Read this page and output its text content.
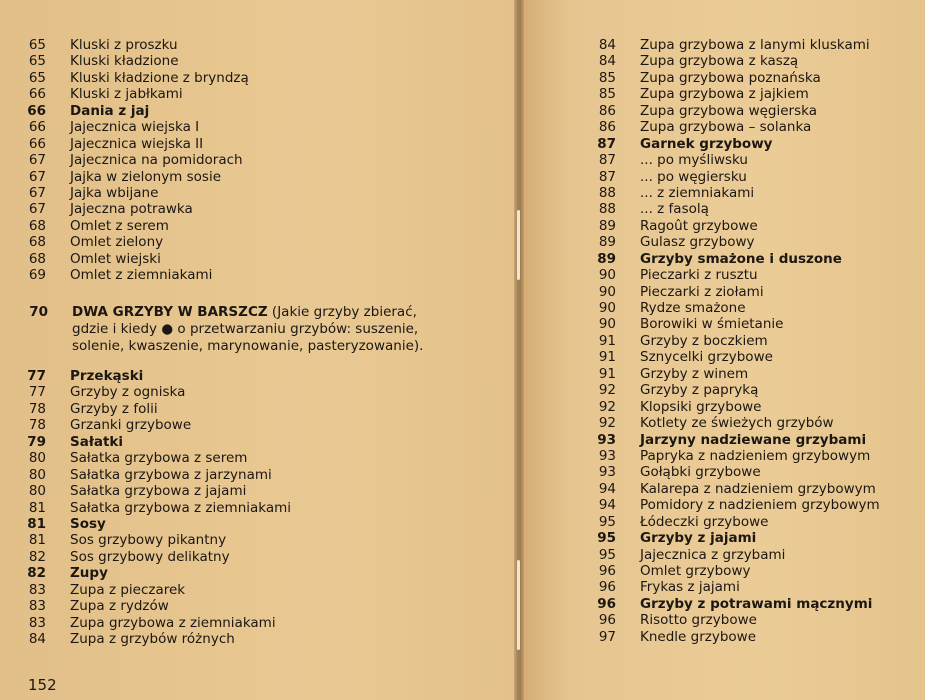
65 Kluski z proszku
65 Kluski kładzione
65 Kluski kładzione z bryndzą
66 Kluski z jabłkami
66 Dania z jaj
66 Jajecznica wiejska I
66 Jajecznica wiejska II
67 Jajecznica na pomidorach
67 Jajka w zielonym sosie
67 Jajka wbijane
67 Jajeczna potrawka
68 Omlet z serem
68 Omlet zielony
68 Omlet wiejski
69 Omlet z ziemniakami
70 DWA GRZYBY W BARSZCZ (Jakie grzyby zbierać,
gdzie i kiedy ● o przetwarzaniu grzybów: suszenie,
solenie, kwaszenie, marynowanie, pasteryzowanie).
77 Przekąski
77 Grzyby z ogniska
78 Grzyby z folii
78 Grzanki grzybowe
79 Sałatki
80 Sałatka grzybowa z serem
80 Sałatka grzybowa z jarzynami
80 Sałatka grzybowa z jajami
81 Sałatka grzybowa z ziemniakami
81 Sosy
81 Sos grzybowy pikantny
82 Sos grzybowy delikatny
82 Zupy
83 Zupa z pieczarek
83 Zupa z rydzów
83 Zupa grzybowa z ziemniakami
84 Zupa z grzybów różnych
152
84 Zupa grzybowa z lanymi kluskami
84 Zupa grzybowa z kaszą
85 Zupa grzybowa poznańska
85 Zupa grzybowa z jajkiem
86 Zupa grzybowa węgierska
86 Zupa grzybowa – solanka
87 Garnek grzybowy
87 ... po myśliwsku
87 ... po węgiersku
88 ... z ziemniakami
88 ... z fasolą
89 Ragoût grzybowe
89 Gulasz grzybowy
89 Grzyby smażone i duszone
90 Pieczarki z rusztu
90 Pieczarki z ziołami
90 Rydze smażone
90 Borowiki w śmietanie
91 Grzyby z boczkiem
91 Sznycelki grzybowe
91 Grzyby z winem
92 Grzyby z papryką
92 Klopsiki grzybowe
92 Kotlety ze świeżych grzybów
93 Jarzyny nadziewane grzybami
93 Papryka z nadzieniem grzybowym
93 Gołąbki grzybowe
94 Kalarepa z nadzieniem grzybowym
94 Pomidory z nadzieniem grzybowym
95 Łódeczki grzybowe
95 Grzyby z jajami
95 Jajecznica z grzybami
96 Omlet grzybowy
96 Frykas z jajami
96 Grzyby z potrawami mącznymi
96 Risotto grzybowe
97 Knedle grzybowe
